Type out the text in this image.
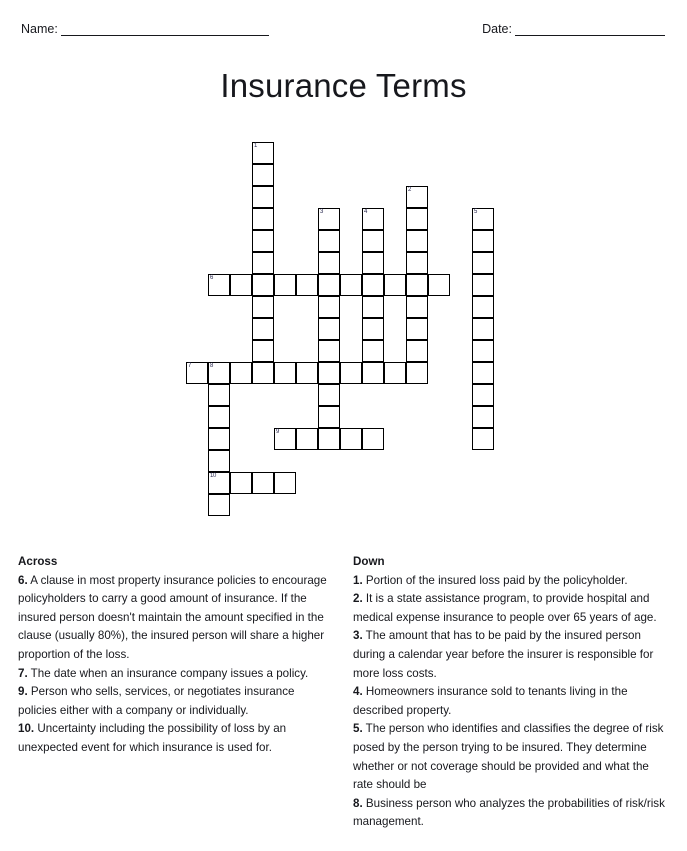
Name:	Date:
Insurance Terms
1
2
3	4	5
6
7	8
10
9

Across

6. A clause in most property insurance policies to encourage policyholders to carry a good amount of insurance. If the insured person doesn't maintain the amount specified in the clause (usually 80%), the insured person will share a higher proportion of the loss.

7. The date when an insurance company issues a policy.

9. Person who sells, services, or negotiates insurance policies either with a company or individually.

10. Uncertainty including the possibility of loss by an unexpected event for which insurance is used for.

Down

1. Portion of the insured loss paid by the policyholder.

2. It is a state assistance program, to provide hospital and medical expense insurance to people over 65 years of age.

3. The amount that has to be paid by the insured person during a calendar year before the insurer is responsible for more loss costs.

4. Homeowners insurance sold to tenants living in the described property.

5. The person who identifies and classifies the degree of risk posed by the person trying to be insured. They determine whether or not coverage should be provided and what the rate should be

8. Business person who analyzes the probabilities of risk/risk management.
